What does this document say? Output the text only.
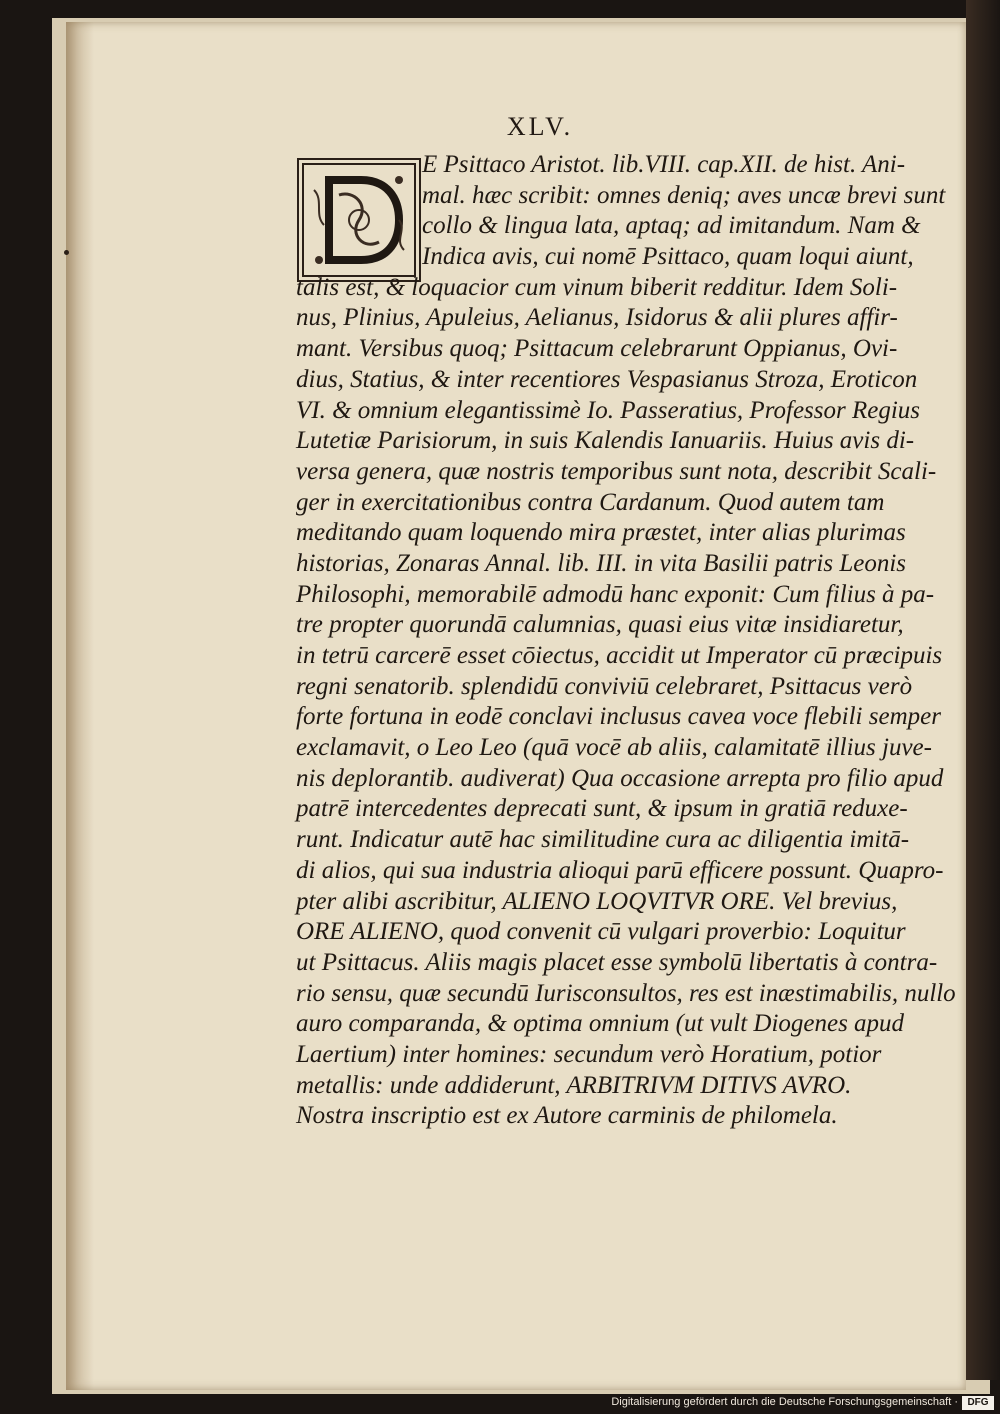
XLV.
E Psittaco Aristot. lib.VIII. cap.XII. de hist. Ani-
mal. hæc scribit: omnes deniq; aves uncæ brevi sunt
collo & lingua lata, aptaq; ad imitandum. Nam &
Indica avis, cui nomē Psittaco, quam loqui aiunt,
talis est, & loquacior cum vinum biberit redditur. Idem Soli-
nus, Plinius, Apuleius, Aelianus, Isidorus & alii plures affir-
mant. Versibus quoq; Psittacum celebrarunt Oppianus, Ovi-
dius, Statius, & inter recentiores Vespasianus Stroza, Eroticon
VI. & omnium elegantissimè Io. Passeratius, Professor Regius
Lutetiæ Parisiorum, in suis Kalendis Ianuariis. Huius avis di-
versa genera, quæ nostris temporibus sunt nota, describit Scali-
ger in exercitationibus contra Cardanum. Quod autem tam
meditando quam loquendo mira præstet, inter alias plurimas
historias, Zonaras Annal. lib. III. in vita Basilii patris Leonis
Philosophi, memorabilē admodū hanc exponit: Cum filius à pa-
tre propter quorundā calumnias, quasi eius vitæ insidiaretur,
in tetrū carcerē esset cōiectus, accidit ut Imperator cū præcipuis
regni senatorib. splendidū conviviū celebraret, Psittacus verò
forte fortuna in eodē conclavi inclusus cavea voce flebili semper
exclamavit, o Leo Leo (quā vocē ab aliis, calamitatē illius juve-
nis deplorantib. audiverat) Qua occasione arrepta pro filio apud
patrē intercedentes deprecati sunt, & ipsum in gratiā reduxe-
runt. Indicatur autē hac similitudine cura ac diligentia imitā-
di alios, qui sua industria alioqui parū efficere possunt. Quapro-
pter alibi ascribitur, ALIENO LOQVITVR ORE. Vel brevius,
ORE ALIENO, quod convenit cū vulgari proverbio: Loquitur
ut Psittacus. Aliis magis placet esse symbolū libertatis à contra-
rio sensu, quæ secundū Iurisconsultos, res est inæstimabilis, nullo
auro comparanda, & optima omnium (ut vult Diogenes apud
Laertium) inter homines: secundum verò Horatium, potior
metallis: unde addiderunt, ARBITRIVM DITIVS AVRO.
Nostra inscriptio est ex Autore carminis de philomela.
Digitalisierung gefördert durch die Deutsche Forschungsgemeinschaft · DFG
